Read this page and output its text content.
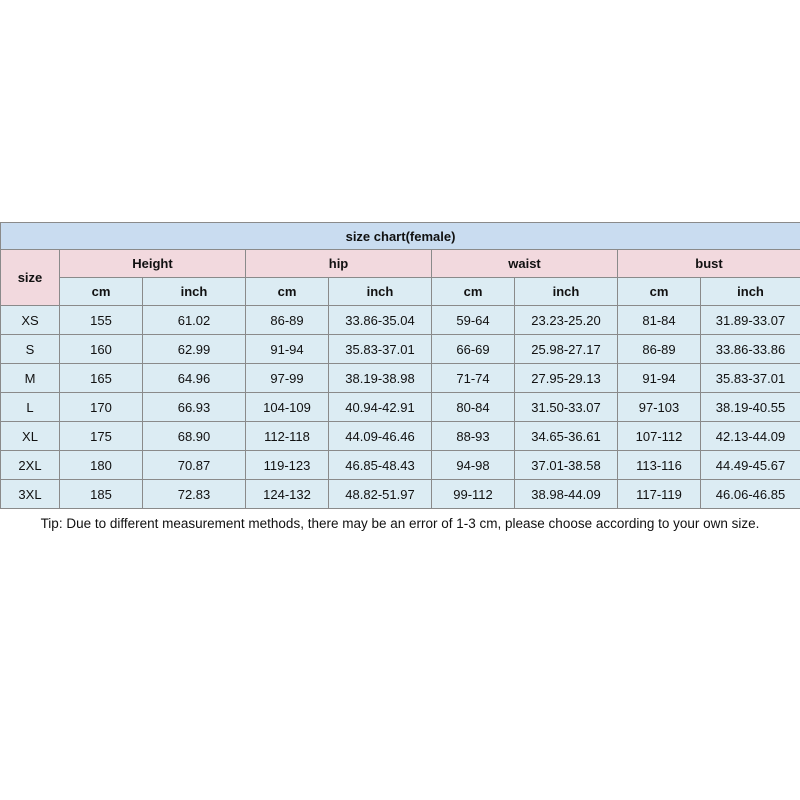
size chart(female)								
size	Height		hip		waist		bust	
	cm	inch	cm	inch	cm	inch	cm	inch
XS	155	61.02	86-89	33.86-35.04	59-64	23.23-25.20	81-84	31.89-33.07
S	160	62.99	91-94	35.83-37.01	66-69	25.98-27.17	86-89	33.86-33.86
M	165	64.96	97-99	38.19-38.98	71-74	27.95-29.13	91-94	35.83-37.01
L	170	66.93	104-109	40.94-42.91	80-84	31.50-33.07	97-103	38.19-40.55
XL	175	68.90	112-118	44.09-46.46	88-93	34.65-36.61	107-112	42.13-44.09
2XL	180	70.87	119-123	46.85-48.43	94-98	37.01-38.58	113-116	44.49-45.67
3XL	185	72.83	124-132	48.82-51.97	99-112	38.98-44.09	117-119	46.06-46.85
Tip: Due to different measurement methods, there may be an error of 1-3 cm, please choose according to your own size.
